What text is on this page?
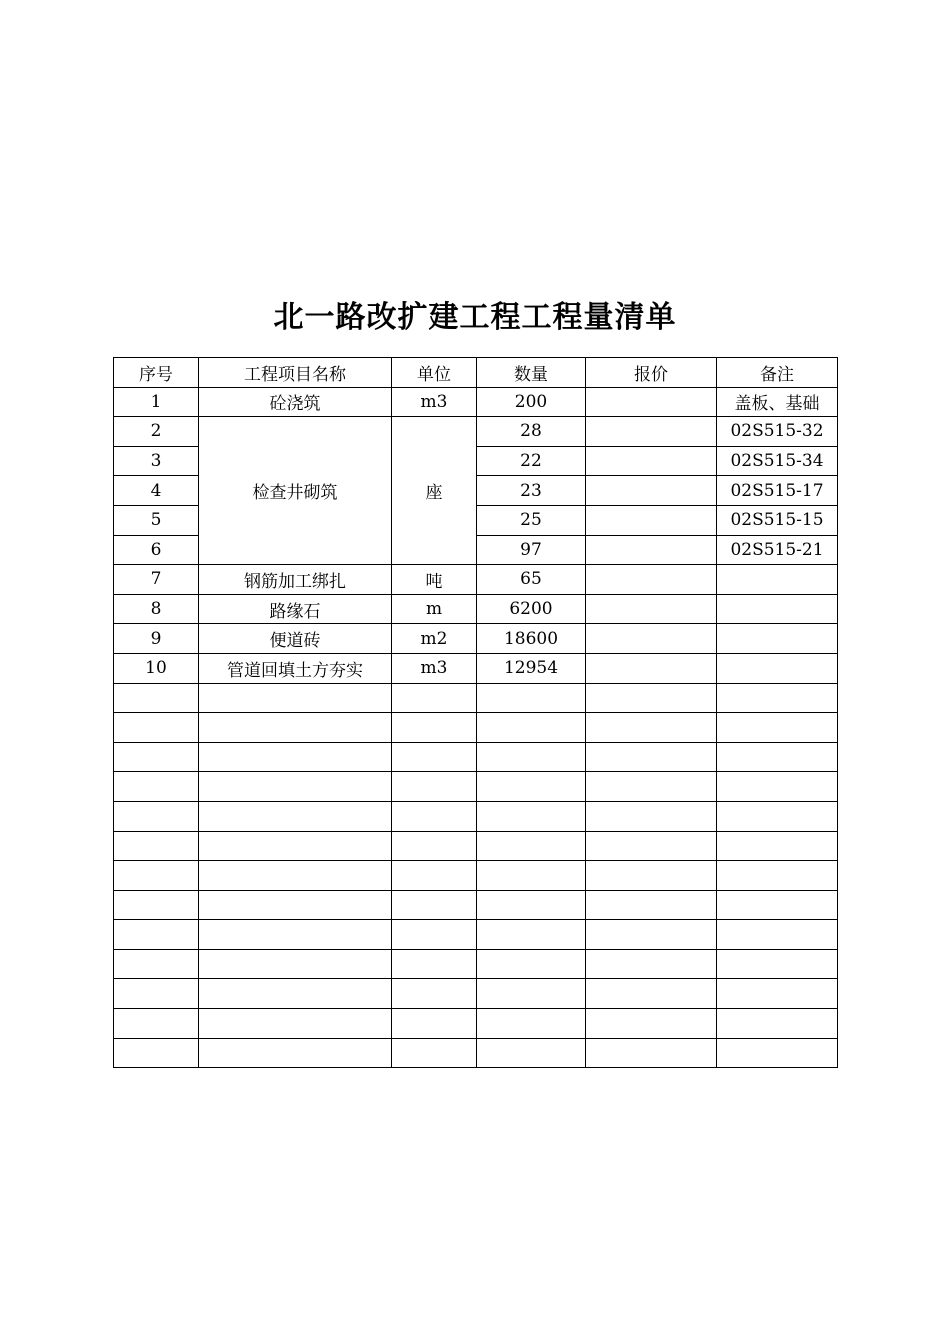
北一路改扩建工程工程量清单
序号	工程项目名称	单位	数量	报价	备注
1	砼浇筑	m3	200		盖板、基础
2	检查井砌筑	座	28		02S515-32
3			22		02S515-34
4			23		02S515-17
5			25		02S515-15
6			97		02S515-21
7	钢筋加工绑扎	吨	65		
8	路缘石	m	6200		
9	便道砖	m2	18600		
10	管道回填土方夯实	m3	12954		
